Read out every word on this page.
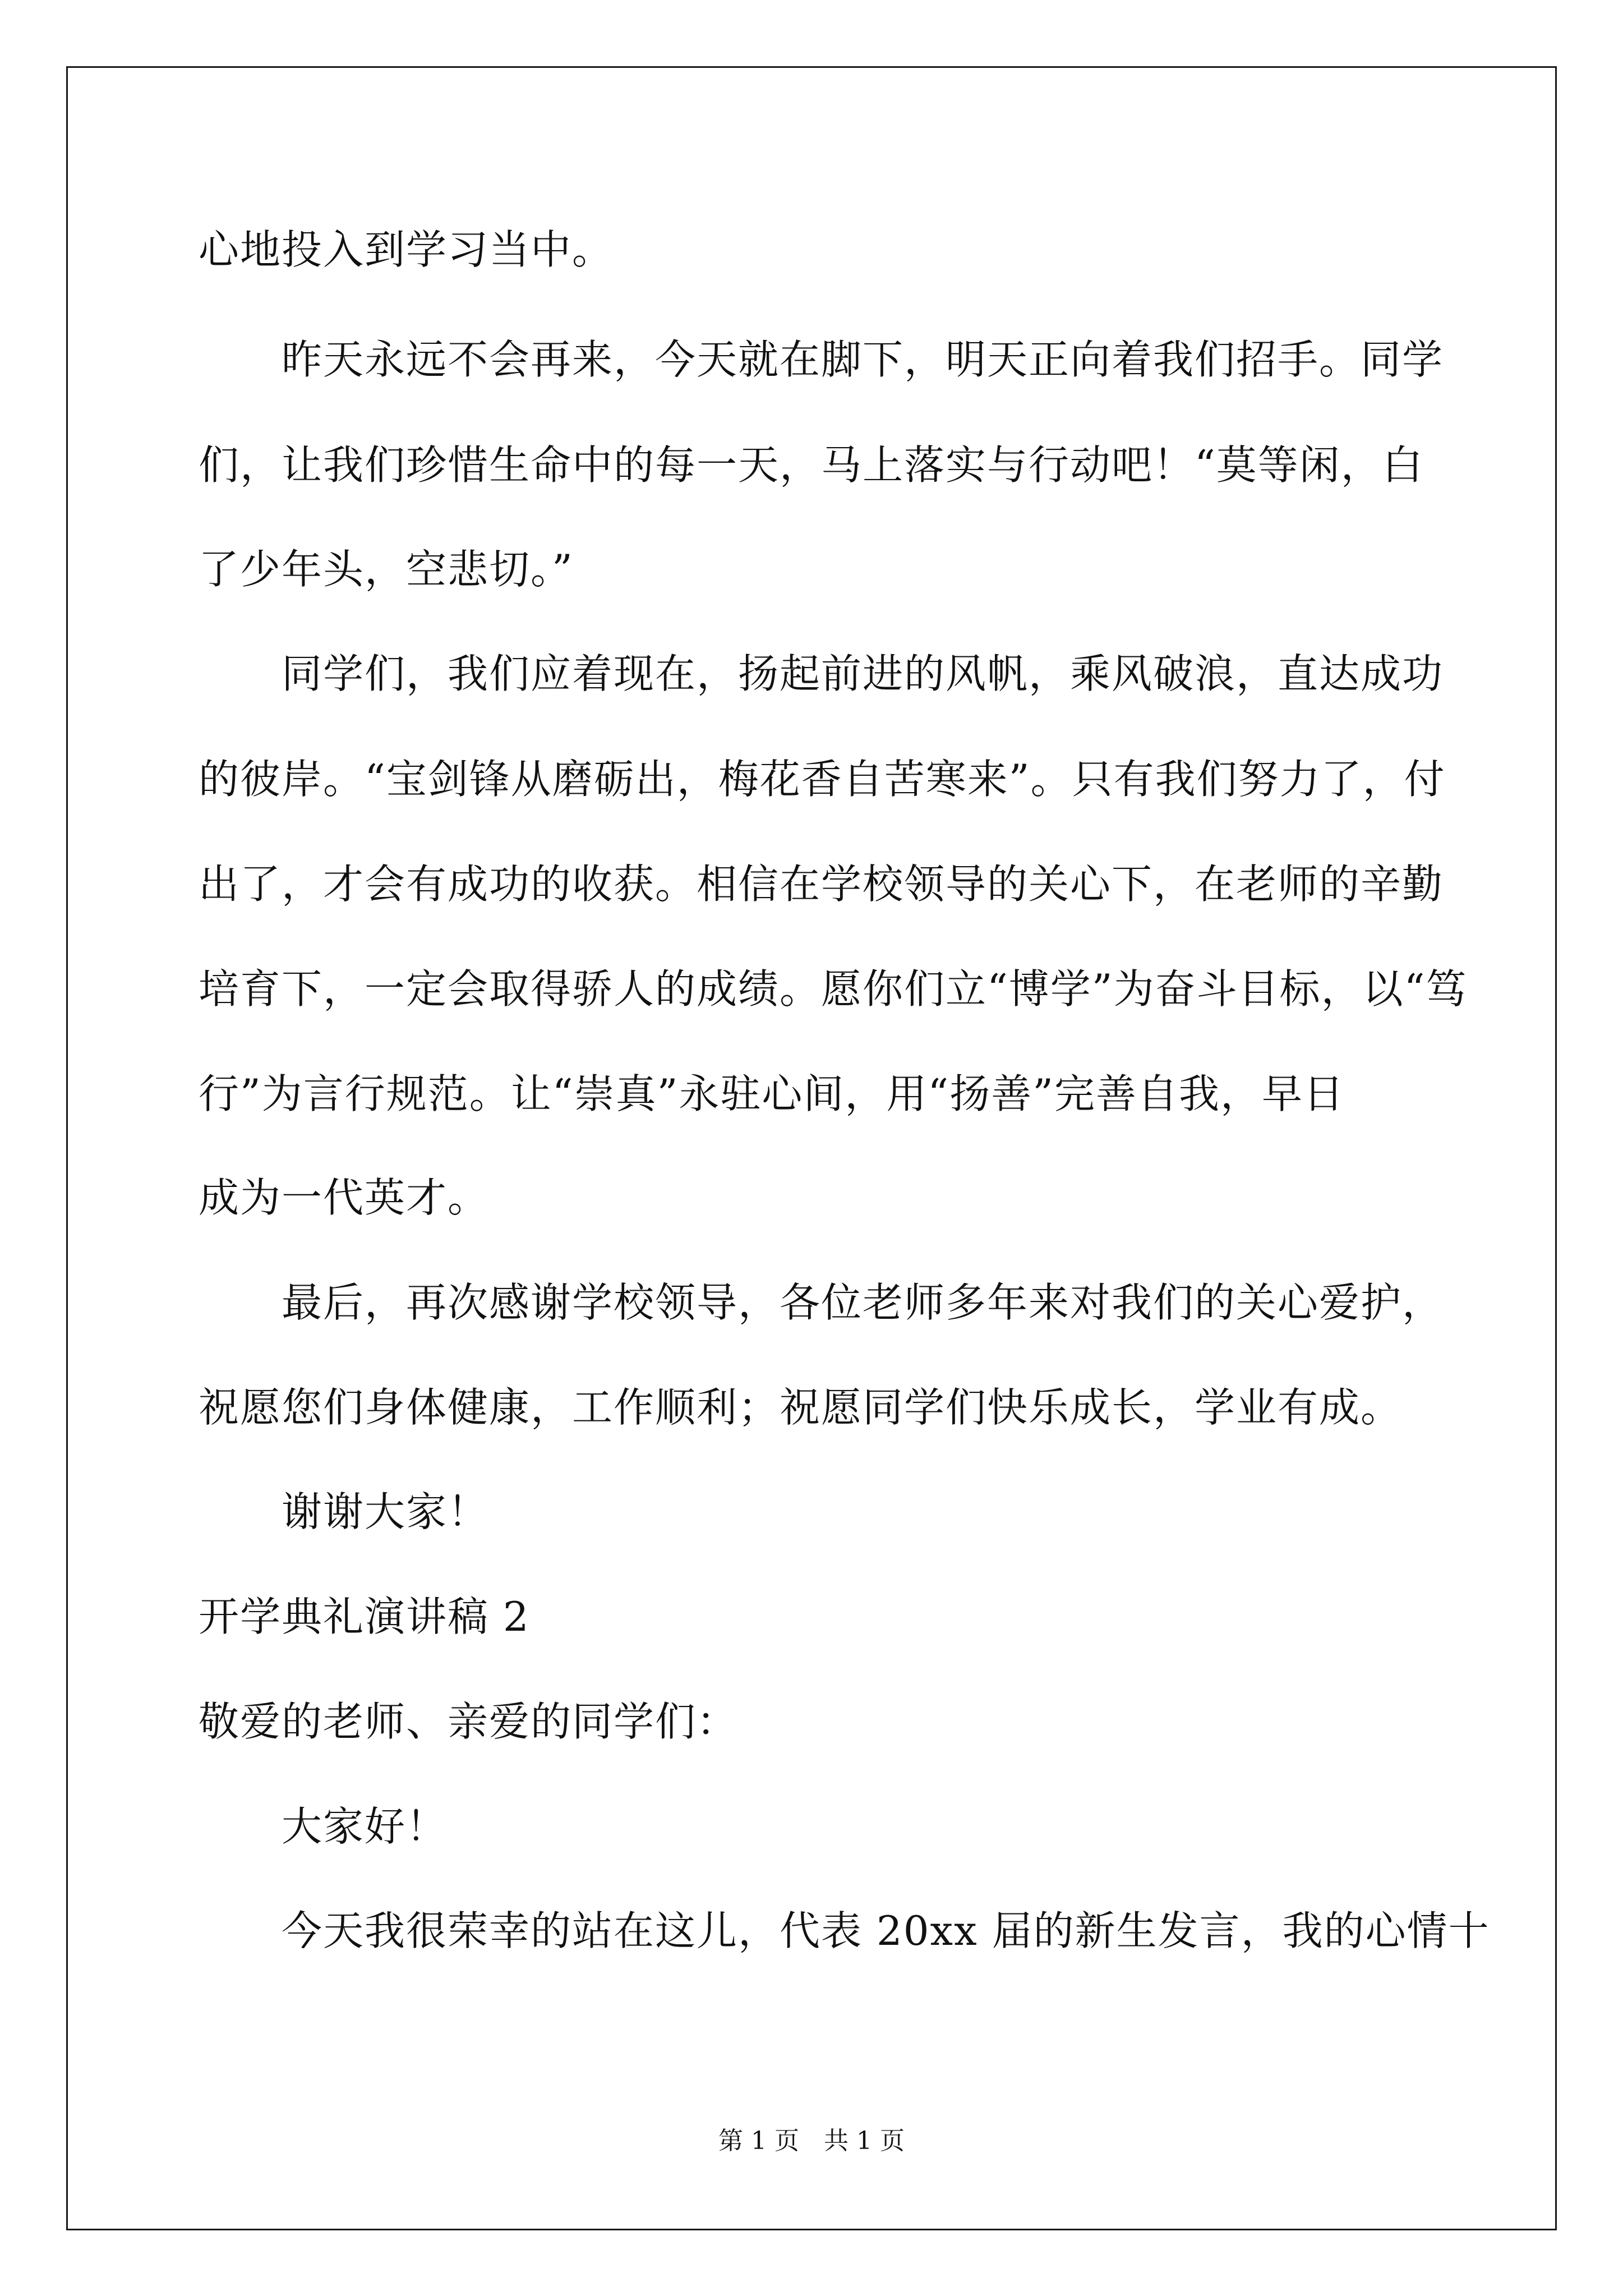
心地投入到学习当中。
昨天永远不会再来，今天就在脚下，明天正向着我们招手。同学
们，让我们珍惜生命中的每一天，马上落实与行动吧！“莫等闲，白
了少年头，空悲切。”
同学们，我们应着现在，扬起前进的风帆，乘风破浪，直达成功
的彼岸。“宝剑锋从磨砺出，梅花香自苦寒来”。只有我们努力了，付
出了，才会有成功的收获。相信在学校领导的关心下，在老师的辛勤
培育下，一定会取得骄人的成绩。愿你们立“博学”为奋斗目标，以“笃
行”为言行规范。让“崇真”永驻心间，用“扬善”完善自我，早日
成为一代英才。
最后，再次感谢学校领导，各位老师多年来对我们的关心爱护，
祝愿您们身体健康，工作顺利；祝愿同学们快乐成长，学业有成。
谢谢大家！
开学典礼演讲稿 2
敬爱的老师、亲爱的同学们：
大家好！
今天我很荣幸的站在这儿，代表 20xx 届的新生发言，我的心情十
第 1 页　共 1 页
